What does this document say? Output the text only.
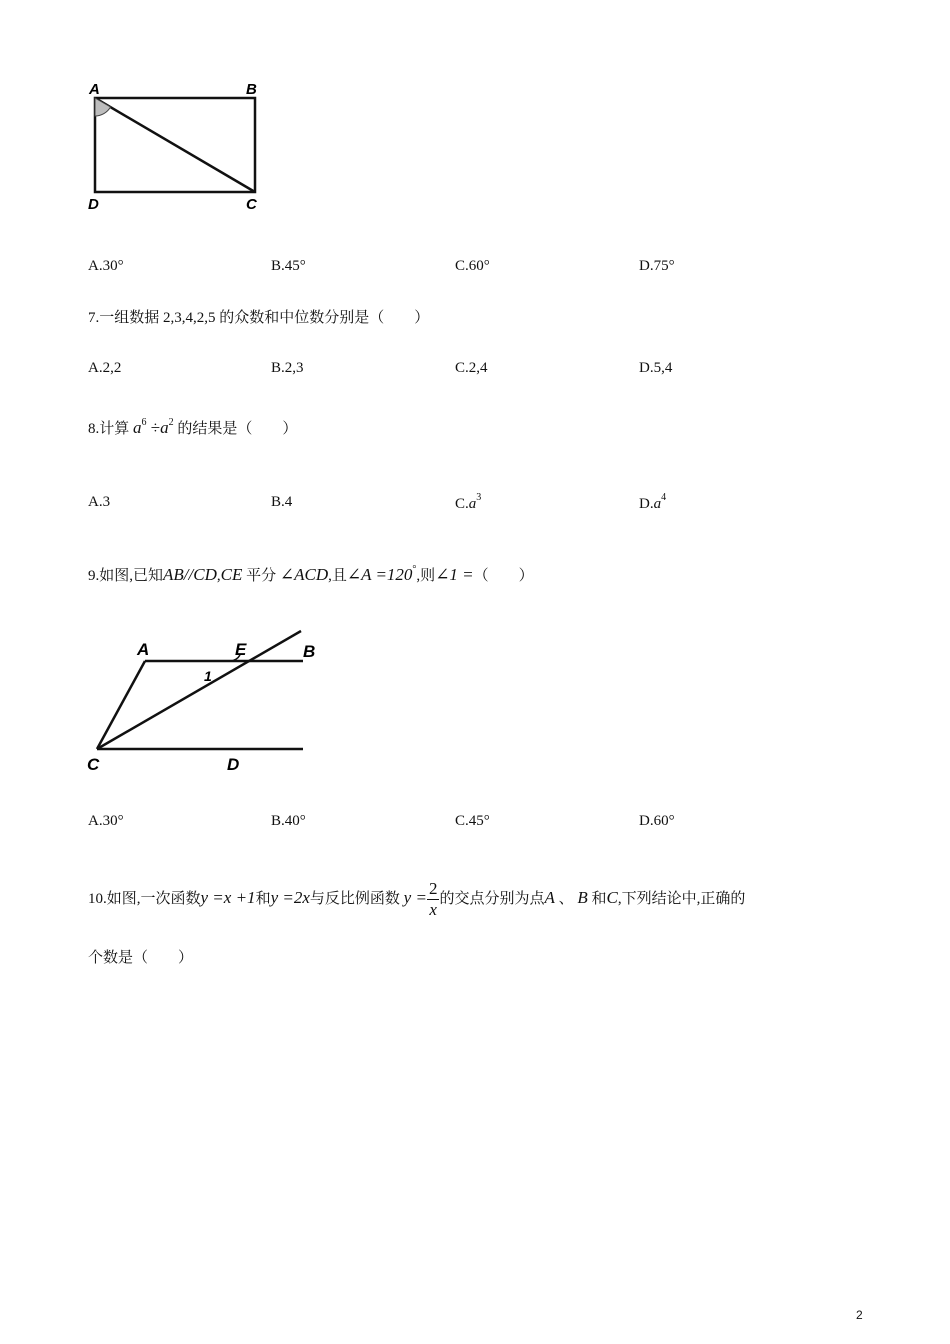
A	B
C
D
A.30°	B.45°	C.60°	D.75°
7.一组数据 2,3,4,2,5 的众数和中位数分别是（　　）
A.2,2	B.2,3	C.2,4	D.5,4
8.计算 $a^6 \div a^2$ 的结果是（　　）
A.3	B.4	$C.a^3$	$D.a^4$
9.如图,已知AB//CD,CE 平分 ∠ACD,且∠A =120°,则∠1 =（　　）
A	E	B
1
C	D
A.30°	B.40°	C.45°	D.60°
10.如图,一次函数y =x +1和y =2x与反比例函数 $y = \frac{2}{x}$ 的交点分别为点A 、 B 和C,下列结论中,正确的
个数是（　　）
2
